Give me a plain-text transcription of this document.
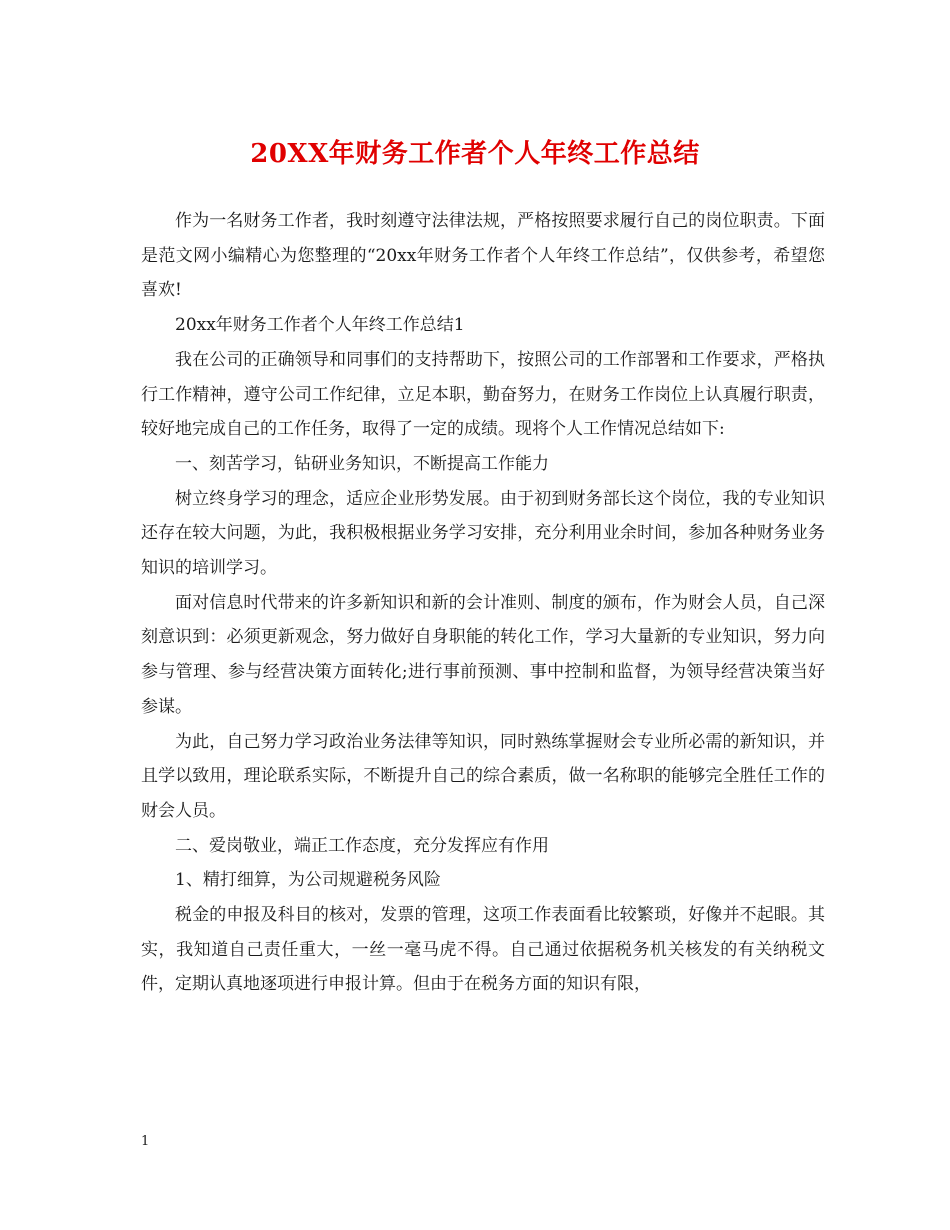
20XX年财务工作者个人年终工作总结

作为一名财务工作者，我时刻遵守法律法规，严格按照要求履行自己的岗位职责。下面是范文网小编精心为您整理的“20xx年财务工作者个人年终工作总结”，仅供参考，希望您喜欢!

20xx年财务工作者个人年终工作总结1

我在公司的正确领导和同事们的支持帮助下，按照公司的工作部署和工作要求，严格执行工作精神，遵守公司工作纪律，立足本职，勤奋努力，在财务工作岗位上认真履行职责，较好地完成自己的工作任务，取得了一定的成绩。现将个人工作情况总结如下:

一、刻苦学习，钻研业务知识，不断提高工作能力

树立终身学习的理念，适应企业形势发展。由于初到财务部长这个岗位，我的专业知识还存在较大问题，为此，我积极根据业务学习安排，充分利用业余时间，参加各种财务业务知识的培训学习。

面对信息时代带来的许多新知识和新的会计准则、制度的颁布，作为财会人员，自己深刻意识到：必须更新观念，努力做好自身职能的转化工作，学习大量新的专业知识，努力向参与管理、参与经营决策方面转化;进行事前预测、事中控制和监督，为领导经营决策当好参谋。

为此，自己努力学习政治业务法律等知识，同时熟练掌握财会专业所必需的新知识，并且学以致用，理论联系实际，不断提升自己的综合素质，做一名称职的能够完全胜任工作的财会人员。

二、爱岗敬业，端正工作态度，充分发挥应有作用

1、精打细算，为公司规避税务风险

税金的申报及科目的核对，发票的管理，这项工作表面看比较繁琐，好像并不起眼。其实，我知道自己责任重大，一丝一毫马虎不得。自己通过依据税务机关核发的有关纳税文件，定期认真地逐项进行申报计算。但由于在税务方面的知识有限，

1
